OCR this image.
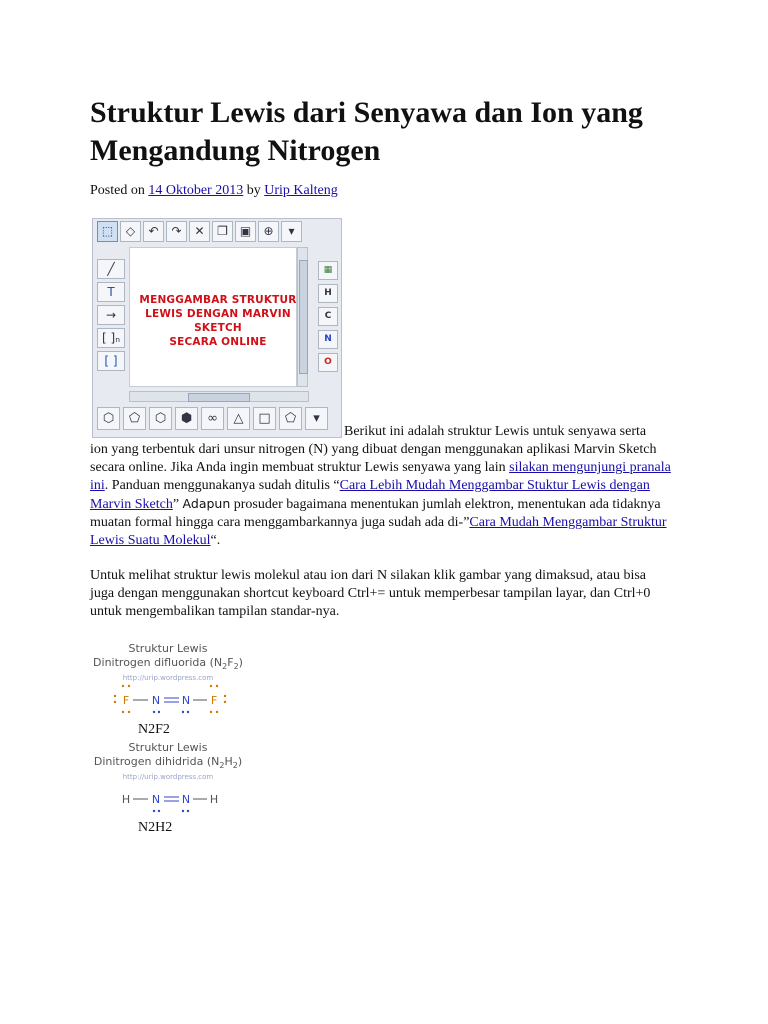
Struktur Lewis dari Senyawa dan Ion yang Mengandung Nitrogen
Posted on 14 Oktober 2013 by Urip Kalteng
⬚	◇	↶	↷	✕	❐ ▣	⊕	▾
╱
T
→
[ ]ₙ
[ ]
MENGGAMBAR STRUKTUR
LEWIS DENGAN MARVIN SKETCH
SECARA ONLINE
▦
H
C
N
O
⬡	⬠	⬡	⬢	∞	△	□	⬠	▾
Berikut ini adalah struktur Lewis untuk senyawa serta

ion yang terbentuk dari unsur nitrogen (N) yang dibuat dengan menggunakan aplikasi Marvin Sketch secara online. Jika Anda ingin membuat struktur Lewis senyawa yang lain silakan mengunjungi pranala ini. Panduan menggunakanya sudah ditulis “Cara Lebih Mudah Menggambar Stuktur Lewis dengan Marvin Sketch” Adapun prosuder bagaimana menentukan jumlah elektron, menentukan ada tidaknya muatan formal hingga cara menggambarkannya juga sudah ada di-”Cara Mudah Menggambar Struktur Lewis Suatu Molekul“.

Untuk melihat struktur lewis molekul atau ion dari N silakan klik gambar yang dimaksud, atau bisa juga dengan menggunakan shortcut keyboard Ctrl+= untuk memperbesar tampilan layar, dan Ctrl+0 untuk mengembalikan tampilan standar-nya.

Struktur Lewis
Dinitrogen difluorida $(N_2F_2)$
http://urip.wordpress.com
F N N F
N2F2
Struktur Lewis
Dinitrogen dihidrida $(N_2H_2)$
http://urip.wordpress.com
H N N H
N2H2
